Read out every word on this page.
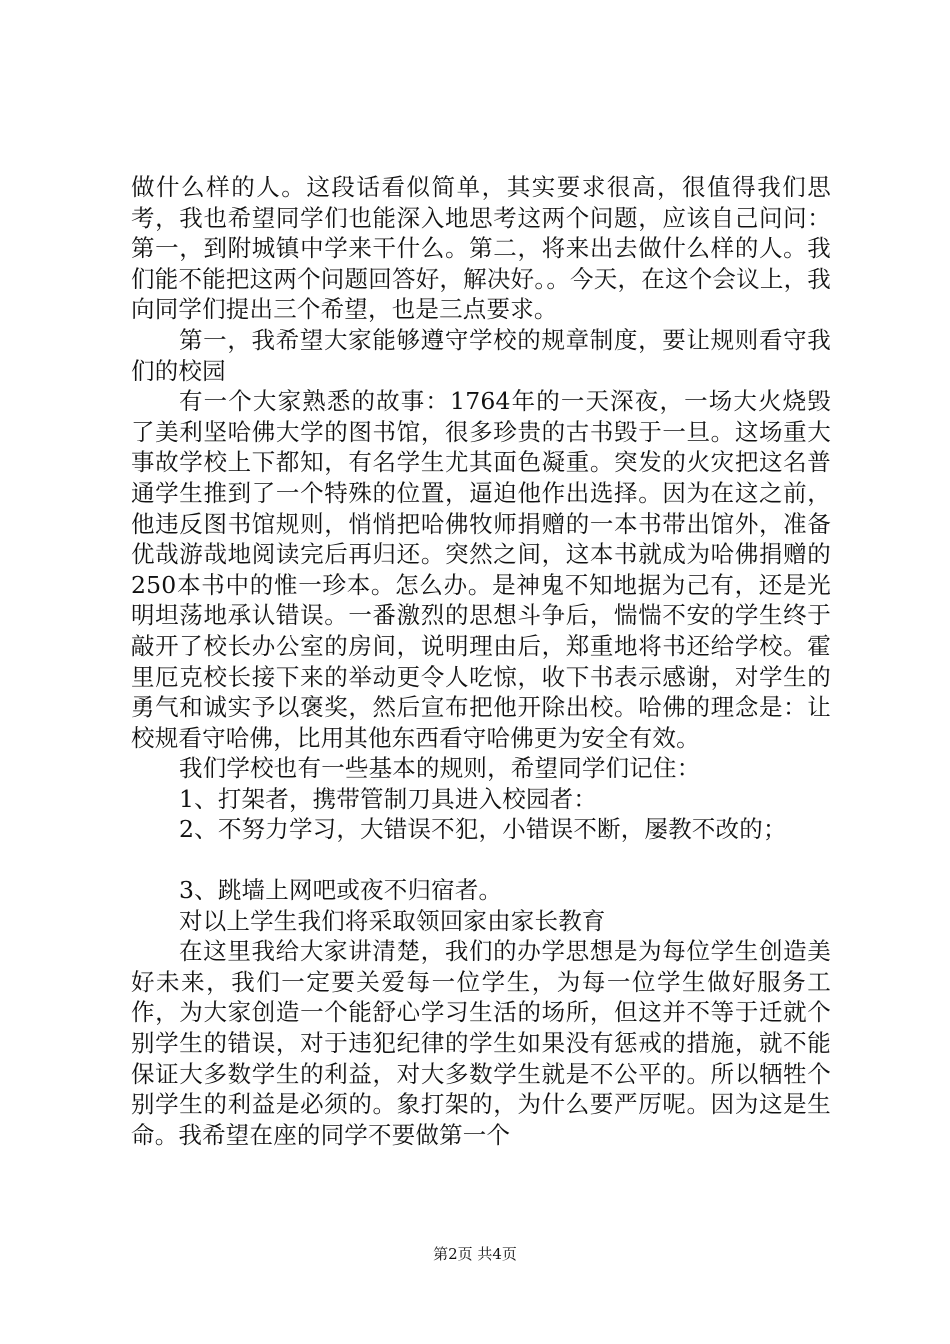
做什么样的人。这段话看似简单，其实要求很高，很值得我们思考，我也希望同学们也能深入地思考这两个问题，应该自己问问：第一，到附城镇中学来干什么。第二，将来出去做什么样的人。我们能不能把这两个问题回答好，解决好。。今天，在这个会议上，我向同学们提出三个希望，也是三点要求。

第一，我希望大家能够遵守学校的规章制度，要让规则看守我们的校园

有一个大家熟悉的故事：1764年的一天深夜，一场大火烧毁了美利坚哈佛大学的图书馆，很多珍贵的古书毁于一旦。这场重大事故学校上下都知，有名学生尤其面色凝重。突发的火灾把这名普通学生推到了一个特殊的位置，逼迫他作出选择。因为在这之前，他违反图书馆规则，悄悄把哈佛牧师捐赠的一本书带出馆外，准备优哉游哉地阅读完后再归还。突然之间，这本书就成为哈佛捐赠的250本书中的惟一珍本。怎么办。是神鬼不知地据为己有，还是光明坦荡地承认错误。一番激烈的思想斗争后，惴惴不安的学生终于敲开了校长办公室的房间，说明理由后，郑重地将书还给学校。霍里厄克校长接下来的举动更令人吃惊，收下书表示感谢，对学生的勇气和诚实予以褒奖，然后宣布把他开除出校。哈佛的理念是：让校规看守哈佛，比用其他东西看守哈佛更为安全有效。

我们学校也有一些基本的规则，希望同学们记住：

1、打架者，携带管制刀具进入校园者：

2、不努力学习，大错误不犯，小错误不断，屡教不改的；

3、跳墙上网吧或夜不归宿者。

对以上学生我们将采取领回家由家长教育

在这里我给大家讲清楚，我们的办学思想是为每位学生创造美好未来，我们一定要关爱每一位学生，为每一位学生做好服务工作，为大家创造一个能舒心学习生活的场所，但这并不等于迁就个别学生的错误，对于违犯纪律的学生如果没有惩戒的措施，就不能保证大多数学生的利益，对大多数学生就是不公平的。所以牺牲个别学生的利益是必须的。象打架的，为什么要严厉呢。因为这是生命。我希望在座的同学不要做第一个

第2页 共4页
